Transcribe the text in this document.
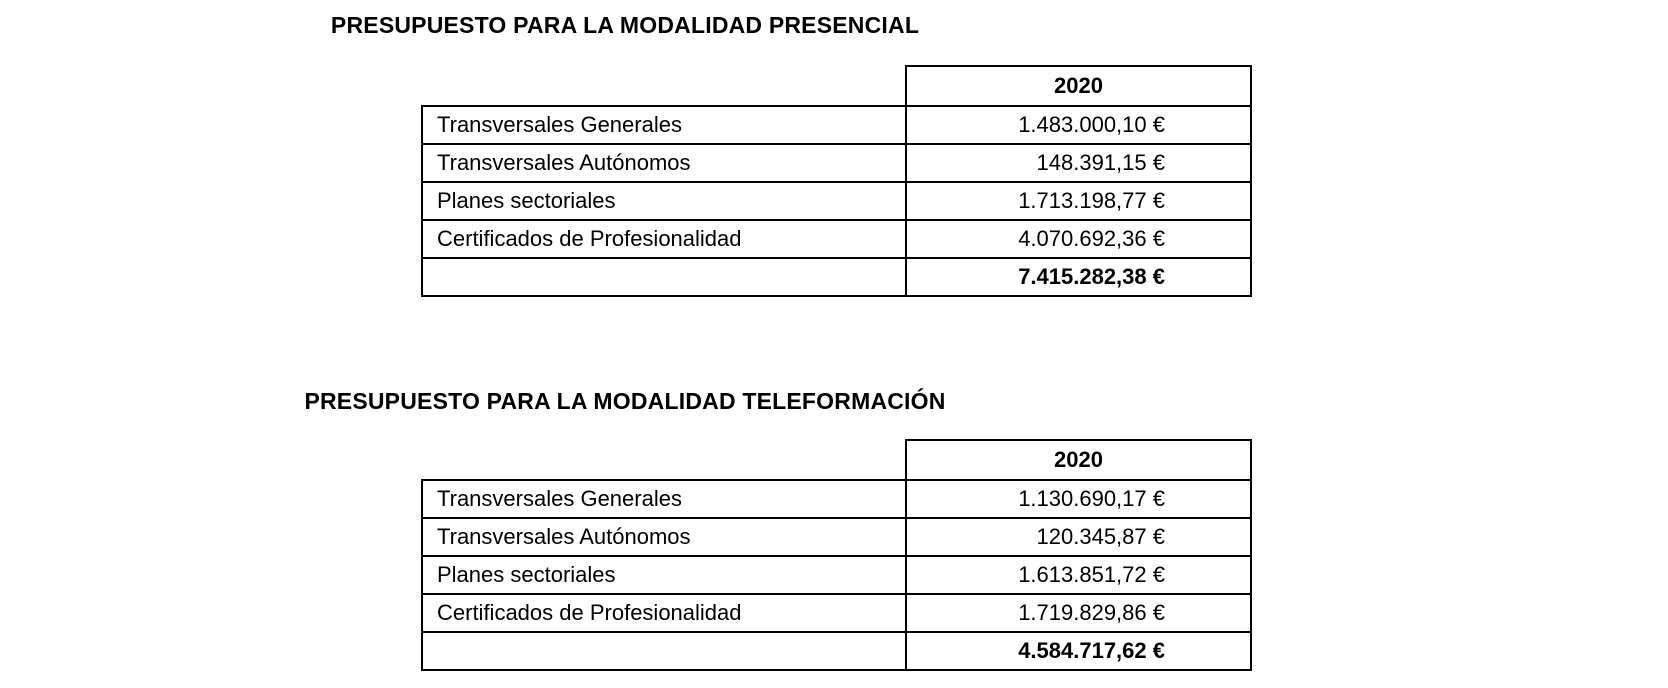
PRESUPUESTO PARA LA MODALIDAD PRESENCIAL
	2020
Transversales Generales	1.483.000,10 €
Transversales Autónomos	148.391,15 €
Planes sectoriales	1.713.198,77 €
Certificados de Profesionalidad	4.070.692,36 €
	7.415.282,38 €
PRESUPUESTO PARA LA MODALIDAD TELEFORMACIÓN
	2020
Transversales Generales	1.130.690,17 €
Transversales Autónomos	120.345,87 €
Planes sectoriales	1.613.851,72 €
Certificados de Profesionalidad	1.719.829,86 €
	4.584.717,62 €
